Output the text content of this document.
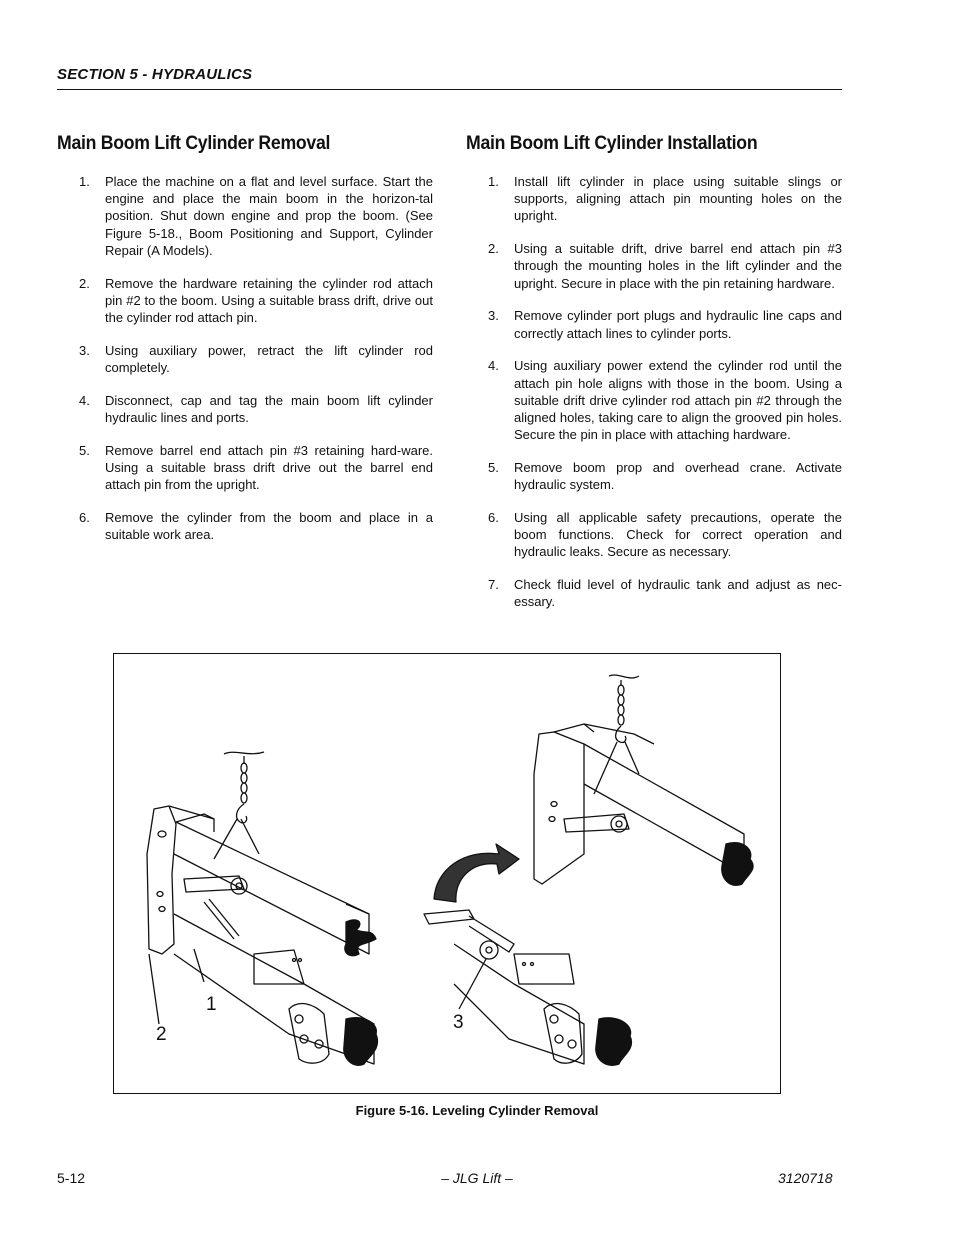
SECTION 5 - HYDRAULICS
Main Boom Lift Cylinder Removal
1. Place the machine on a flat and level surface. Start the engine and place the main boom in the horizon-tal position. Shut down engine and prop the boom. (See Figure 5-18., Boom Positioning and Support, Cylinder Repair (A Models).
2. Remove the hardware retaining the cylinder rod attach pin #2 to the boom. Using a suitable brass drift, drive out the cylinder rod attach pin.
3. Using auxiliary power, retract the lift cylinder rod completely.
4. Disconnect, cap and tag the main boom lift cylinder hydraulic lines and ports.
5. Remove barrel end attach pin #3 retaining hard-ware. Using a suitable brass drift drive out the barrel end attach pin from the upright.
6. Remove the cylinder from the boom and place in a suitable work area.
Main Boom Lift Cylinder Installation
1. Install lift cylinder in place using suitable slings or supports, aligning attach pin mounting holes on the upright.
2. Using a suitable drift, drive barrel end attach pin #3 through the mounting holes in the lift cylinder and the upright. Secure in place with the pin retaining hardware.
3. Remove cylinder port plugs and hydraulic line caps and correctly attach lines to cylinder ports.
4. Using auxiliary power extend the cylinder rod until the attach pin hole aligns with those in the boom. Using a suitable drift drive cylinder rod attach pin #2 through the aligned holes, taking care to align the grooved pin holes. Secure the pin in place with attaching hardware.
5. Remove boom prop and overhead crane. Activate hydraulic system.
6. Using all applicable safety precautions, operate the boom functions. Check for correct operation and hydraulic leaks. Secure as necessary.
7. Check fluid level of hydraulic tank and adjust as nec-essary.
1
2
3
Figure 5-16. Leveling Cylinder Removal
5-12	– JLG Lift –	3120718
